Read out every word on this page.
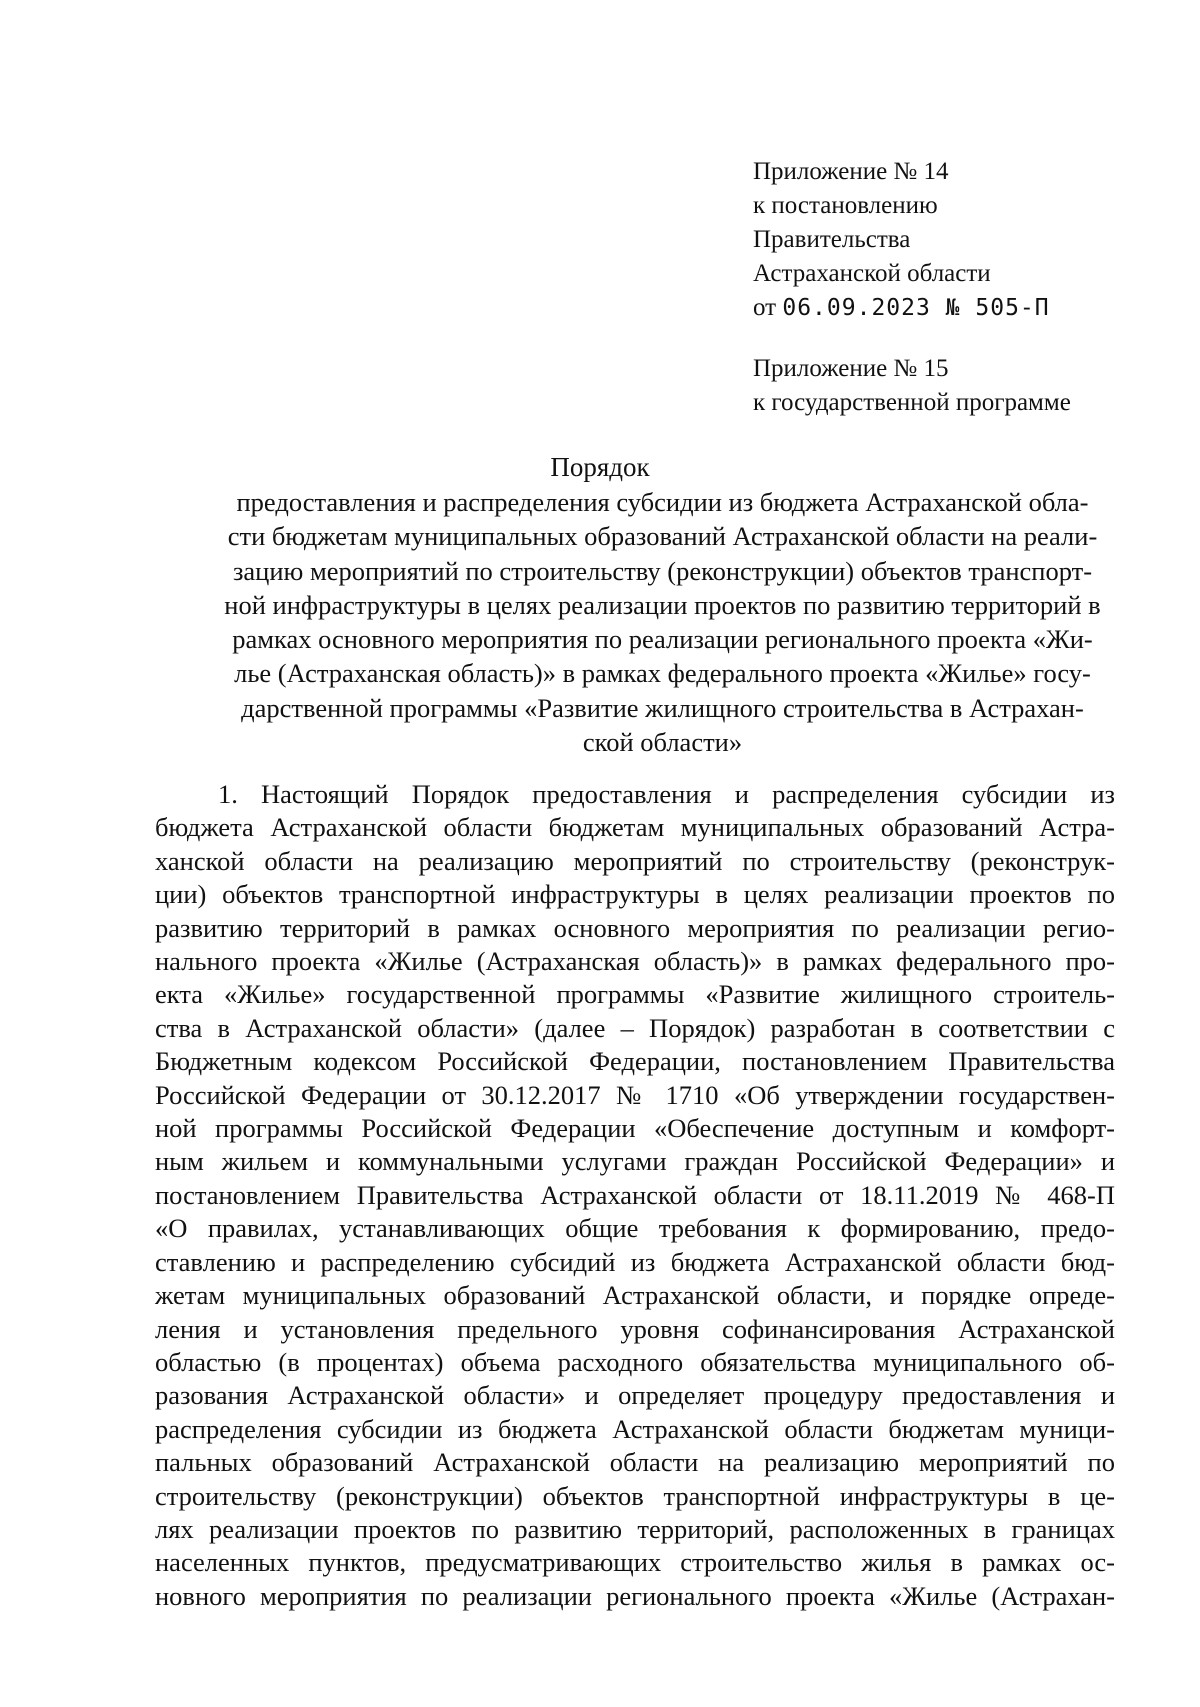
Приложение № 14
к постановлению
Правительства
Астраханской области
от 06.09.2023 № 505-П
Приложение № 15
к государственной программе
Порядок
предоставления и распределения субсидии из бюджета Астраханской обла-
сти бюджетам муниципальных образований Астраханской области на реали-
зацию мероприятий по строительству (реконструкции) объектов транспорт-
ной инфраструктуры в целях реализации проектов по развитию территорий в
рамках основного мероприятия по реализации регионального проекта «Жи-
лье (Астраханская область)» в рамках федерального проекта «Жилье» госу-
дарственной программы «Развитие жилищного строительства в Астрахан-
ской области»
1. Настоящий Порядок предоставления и распределения субсидии из
бюджета Астраханской области бюджетам муниципальных образований Астра-
ханской области на реализацию мероприятий по строительству (реконструк-
ции) объектов транспортной инфраструктуры в целях реализации проектов по
развитию территорий в рамках основного мероприятия по реализации регио-
нального проекта «Жилье (Астраханская область)» в рамках федерального про-
екта «Жилье» государственной программы «Развитие жилищного строитель-
ства в Астраханской области» (далее – Порядок) разработан в соответствии с
Бюджетным кодексом Российской Федерации, постановлением Правительства
Российской Федерации от 30.12.2017 № 1710 «Об утверждении государствен-
ной программы Российской Федерации «Обеспечение доступным и комфорт-
ным жильем и коммунальными услугами граждан Российской Федерации» и
постановлением Правительства Астраханской области от 18.11.2019 № 468-П
«О правилах, устанавливающих общие требования к формированию, предо-
ставлению и распределению субсидий из бюджета Астраханской области бюд-
жетам муниципальных образований Астраханской области, и порядке опреде-
ления и установления предельного уровня софинансирования Астраханской
областью (в процентах) объема расходного обязательства муниципального об-
разования Астраханской области» и определяет процедуру предоставления и
распределения субсидии из бюджета Астраханской области бюджетам муници-
пальных образований Астраханской области на реализацию мероприятий по
строительству (реконструкции) объектов транспортной инфраструктуры в це-
лях реализации проектов по развитию территорий, расположенных в границах
населенных пунктов, предусматривающих строительство жилья в рамках ос-
новного мероприятия по реализации регионального проекта «Жилье (Астрахан-
